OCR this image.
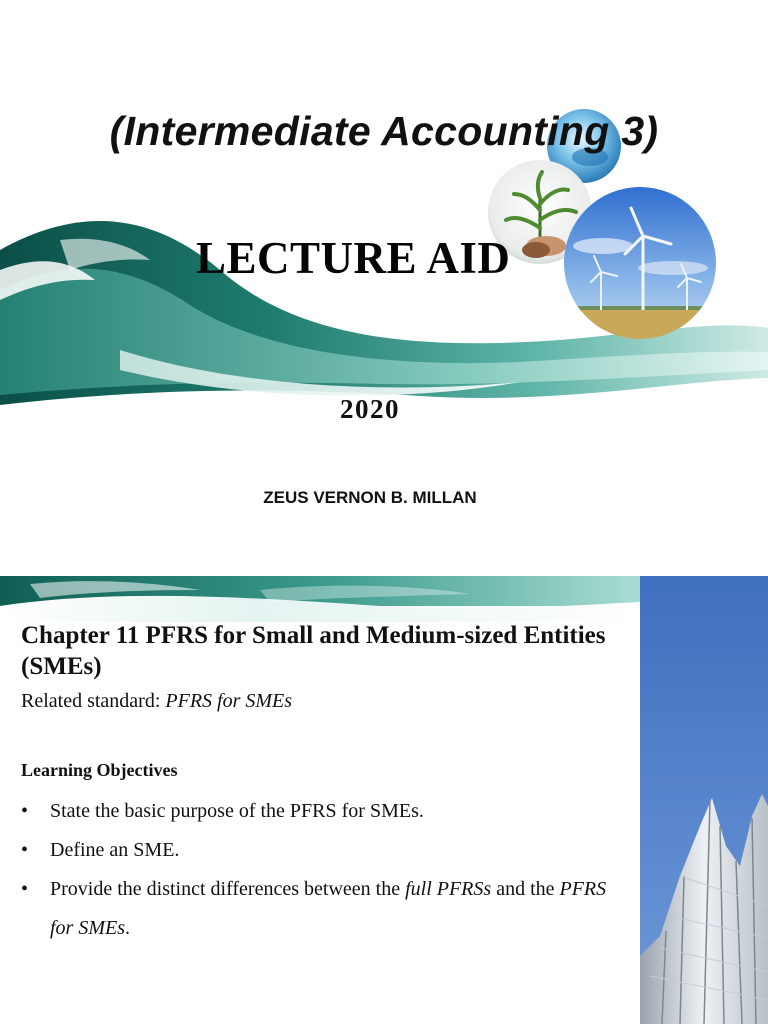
(Intermediate Accounting 3)
LECTURE AID

2020

ZEUS VERNON B. MILLAN

Chapter 11 PFRS for Small and Medium-sized Entities (SMEs)

Related standard: PFRS for SMEs

Learning Objectives

• State the basic purpose of the PFRS for SMEs.
• Define an SME.
• Provide the distinct differences between the full PFRSs and the PFRS for SMEs.
